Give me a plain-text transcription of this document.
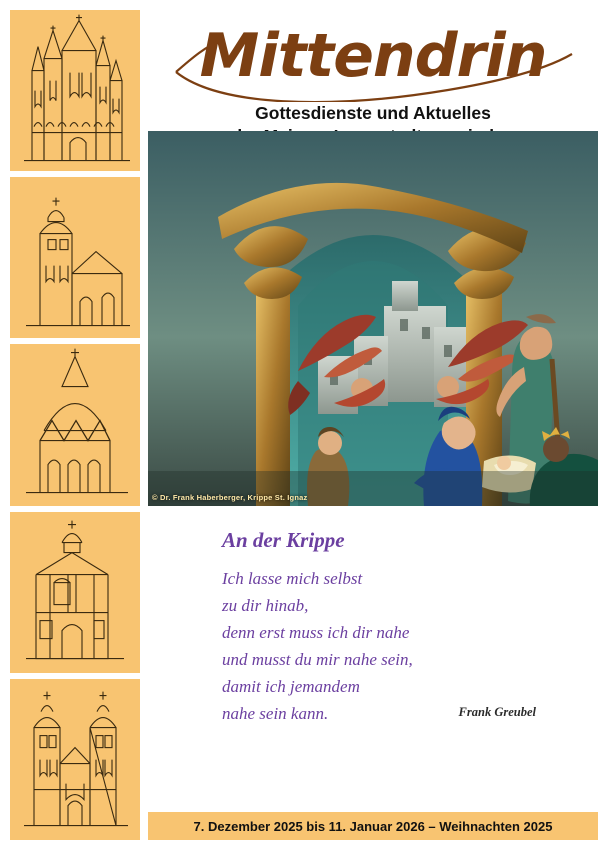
Mittendrin
Gottesdienste und Aktuelles
© Dr. Frank Haberberger, Krippe St. Ignaz
An der Krippe
Ich lasse mich selbst
zu dir hinab,
denn erst muss ich dir nahe
und musst du mir nahe sein,
damit ich jemandem
nahe sein kann.	Frank Greubel
7. Dezember 2025 bis 11. Januar 2026 – Weihnachten 2025
